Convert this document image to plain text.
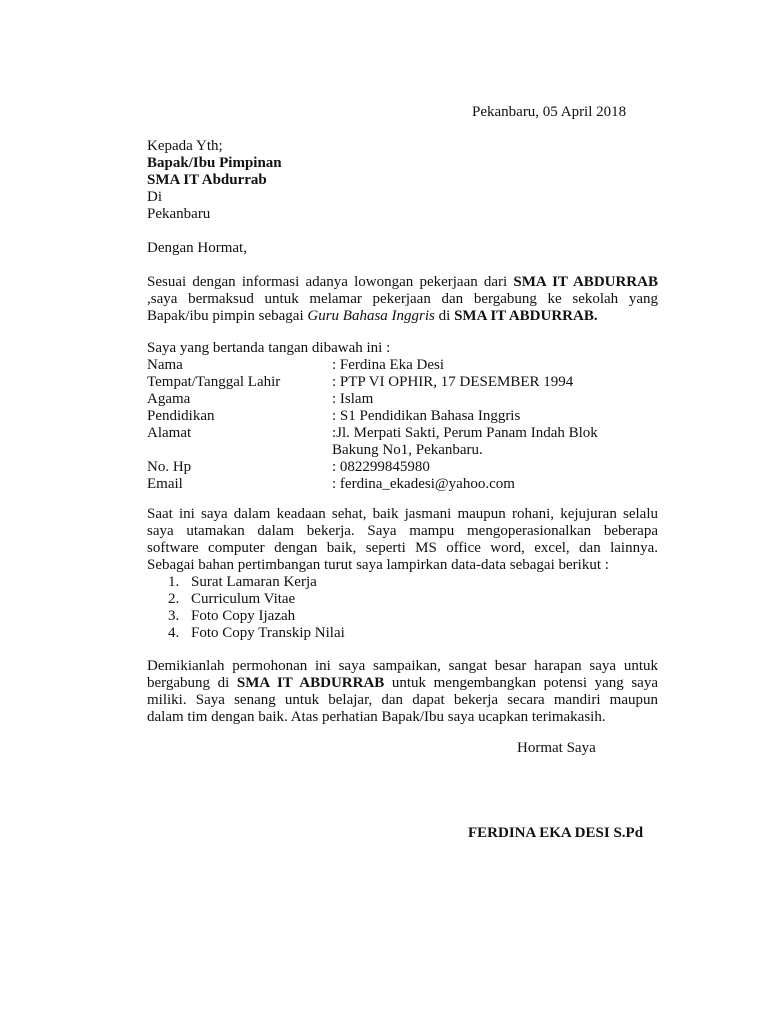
Pekanbaru, 05 April 2018
Kepada Yth;
Bapak/Ibu Pimpinan
SMA IT Abdurrab
Di
Pekanbaru
Dengan Hormat,
Sesuai dengan informasi adanya lowongan pekerjaan dari SMA IT ABDURRAB
,saya bermaksud untuk melamar pekerjaan dan bergabung ke sekolah yang
Bapak/ibu pimpin sebagai Guru Bahasa Inggris di SMA IT ABDURRAB.
Saya yang bertanda tangan dibawah ini :
Nama	: Ferdina Eka Desi
Tempat/Tanggal Lahir	: PTP VI OPHIR, 17 DESEMBER 1994
Agama	: Islam
Pendidikan	: S1 Pendidikan Bahasa Inggris
Alamat	:Jl. Merpati Sakti, Perum Panam Indah Blok
Bakung No1, Pekanbaru.
No. Hp	: 082299845980
Email	: ferdina_ekadesi@yahoo.com
Saat ini saya dalam keadaan sehat, baik jasmani maupun rohani, kejujuran selalu
saya utamakan dalam bekerja. Saya mampu mengoperasionalkan beberapa
software computer dengan baik, seperti MS office word, excel, dan lainnya.
Sebagai bahan pertimbangan turut saya lampirkan data-data sebagai berikut :
1. Surat Lamaran Kerja
2. Curriculum Vitae
3. Foto Copy Ijazah
4. Foto Copy Transkip Nilai
Demikianlah permohonan ini saya sampaikan, sangat besar harapan saya untuk
bergabung di SMA IT ABDURRAB untuk mengembangkan potensi yang saya
miliki. Saya senang untuk belajar, dan dapat bekerja secara mandiri maupun
dalam tim dengan baik. Atas perhatian Bapak/Ibu saya ucapkan terimakasih.
Hormat Saya
FERDINA EKA DESI S.Pd
